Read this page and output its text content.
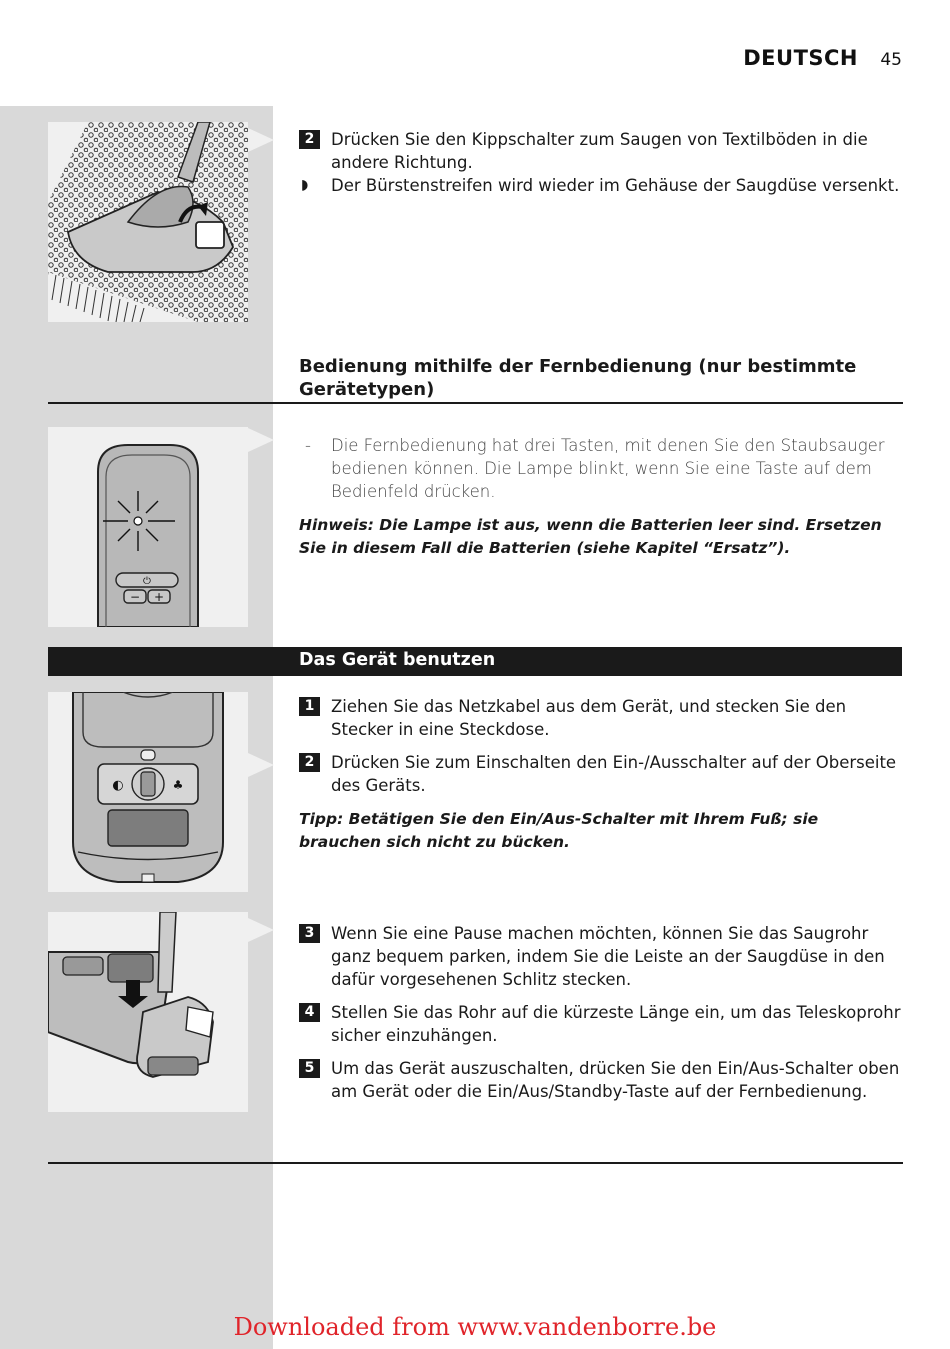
DEUTSCH 45
2	Drücken Sie den Kippschalter zum Saugen von Textilböden in die andere Richtung.
◗ Der Bürstenstreifen wird wieder im Gehäuse der Saugdüse versenkt.
Bedienung mithilfe der Fernbedienung (nur bestimmte Gerätetypen)
⏻
− +
- Die Fernbedienung hat drei Tasten, mit denen Sie den Staubsauger bedienen können. Die Lampe blinkt, wenn Sie eine Taste auf dem Bedienfeld drücken.
Hinweis: Die Lampe ist aus, wenn die Batterien leer sind. Ersetzen Sie in diesem Fall die Batterien (siehe Kapitel “Ersatz”).
Das Gerät benutzen
◐	♣
1	Ziehen Sie das Netzkabel aus dem Gerät, und stecken Sie den Stecker in eine Steckdose.
2	Drücken Sie zum Einschalten den Ein-/Ausschalter auf der Oberseite des Geräts.
Tipp: Betätigen Sie den Ein/Aus-Schalter mit Ihrem Fuß; sie brauchen sich nicht zu bücken.
3	Wenn Sie eine Pause machen möchten, können Sie das Saugrohr ganz bequem parken, indem Sie die Leiste an der Saugdüse in den dafür vorgesehenen Schlitz stecken.
4	Stellen Sie das Rohr auf die kürzeste Länge ein, um das Teleskoprohr sicher einzuhängen.
5	Um das Gerät auszuschalten, drücken Sie den Ein/Aus-Schalter oben am Gerät oder die Ein/Aus/Standby-Taste auf der Fernbedienung.
Downloaded from www.vandenborre.be
